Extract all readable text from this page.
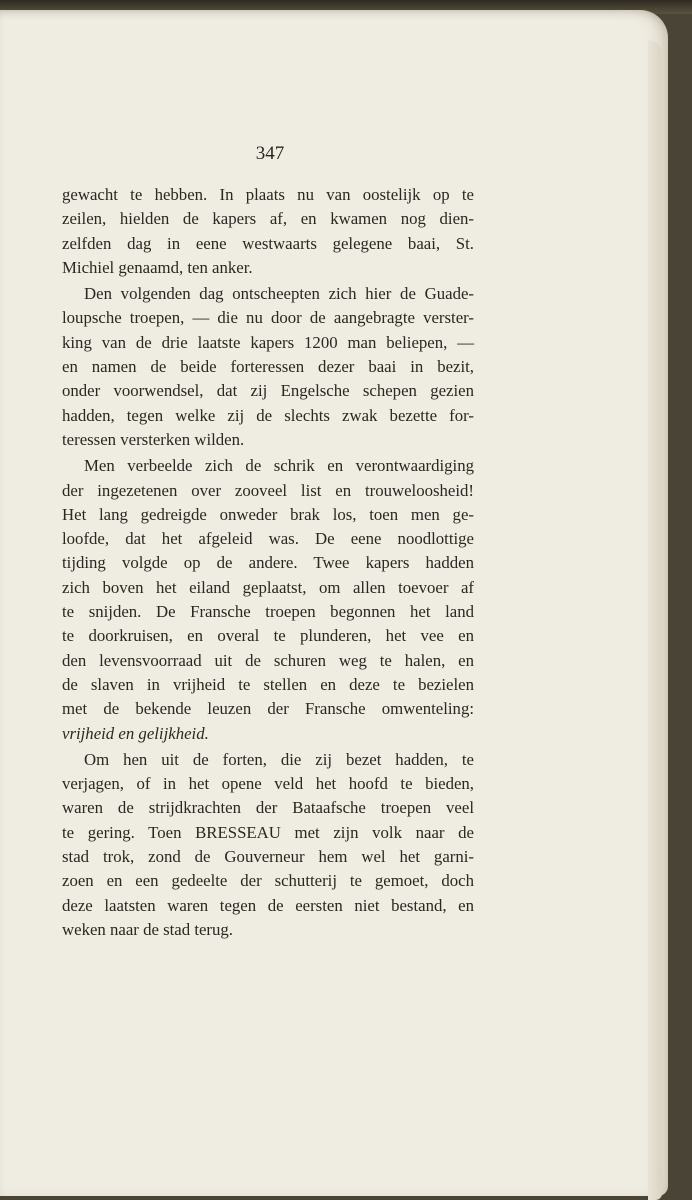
347

gewacht te hebben. In plaats nu van oostelijk op te
zeilen, hielden de kapers af, en kwamen nog dien-
zelfden dag in eene westwaarts gelegene baai, St.
Michiel genaamd, ten anker.

Den volgenden dag ontscheepten zich hier de Guade-
loupsche troepen, — die nu door de aangebragte verster-
king van de drie laatste kapers 1200 man beliepen, —
en namen de beide forteressen dezer baai in bezit,
onder voorwendsel, dat zij Engelsche schepen gezien
hadden, tegen welke zij de slechts zwak bezette for-
teressen versterken wilden.

Men verbeelde zich de schrik en verontwaardiging
der ingezetenen over zooveel list en trouweloosheid!
Het lang gedreigde onweder brak los, toen men ge-
loofde, dat het afgeleid was. De eene noodlottige
tijding volgde op de andere. Twee kapers hadden
zich boven het eiland geplaatst, om allen toevoer af
te snijden. De Fransche troepen begonnen het land
te doorkruisen, en overal te plunderen, het vee en
den levensvoorraad uit de schuren weg te halen, en
de slaven in vrijheid te stellen en deze te bezielen
met de bekende leuzen der Fransche omwenteling:
vrijheid en gelijkheid.

Om hen uit de forten, die zij bezet hadden, te
verjagen, of in het opene veld het hoofd te bieden,
waren de strijdkrachten der Bataafsche troepen veel
te gering. Toen BRESSEAU met zijn volk naar de
stad trok, zond de Gouverneur hem wel het garni-
zoen en een gedeelte der schutterij te gemoet, doch
deze laatsten waren tegen de eersten niet bestand, en
weken naar de stad terug.
